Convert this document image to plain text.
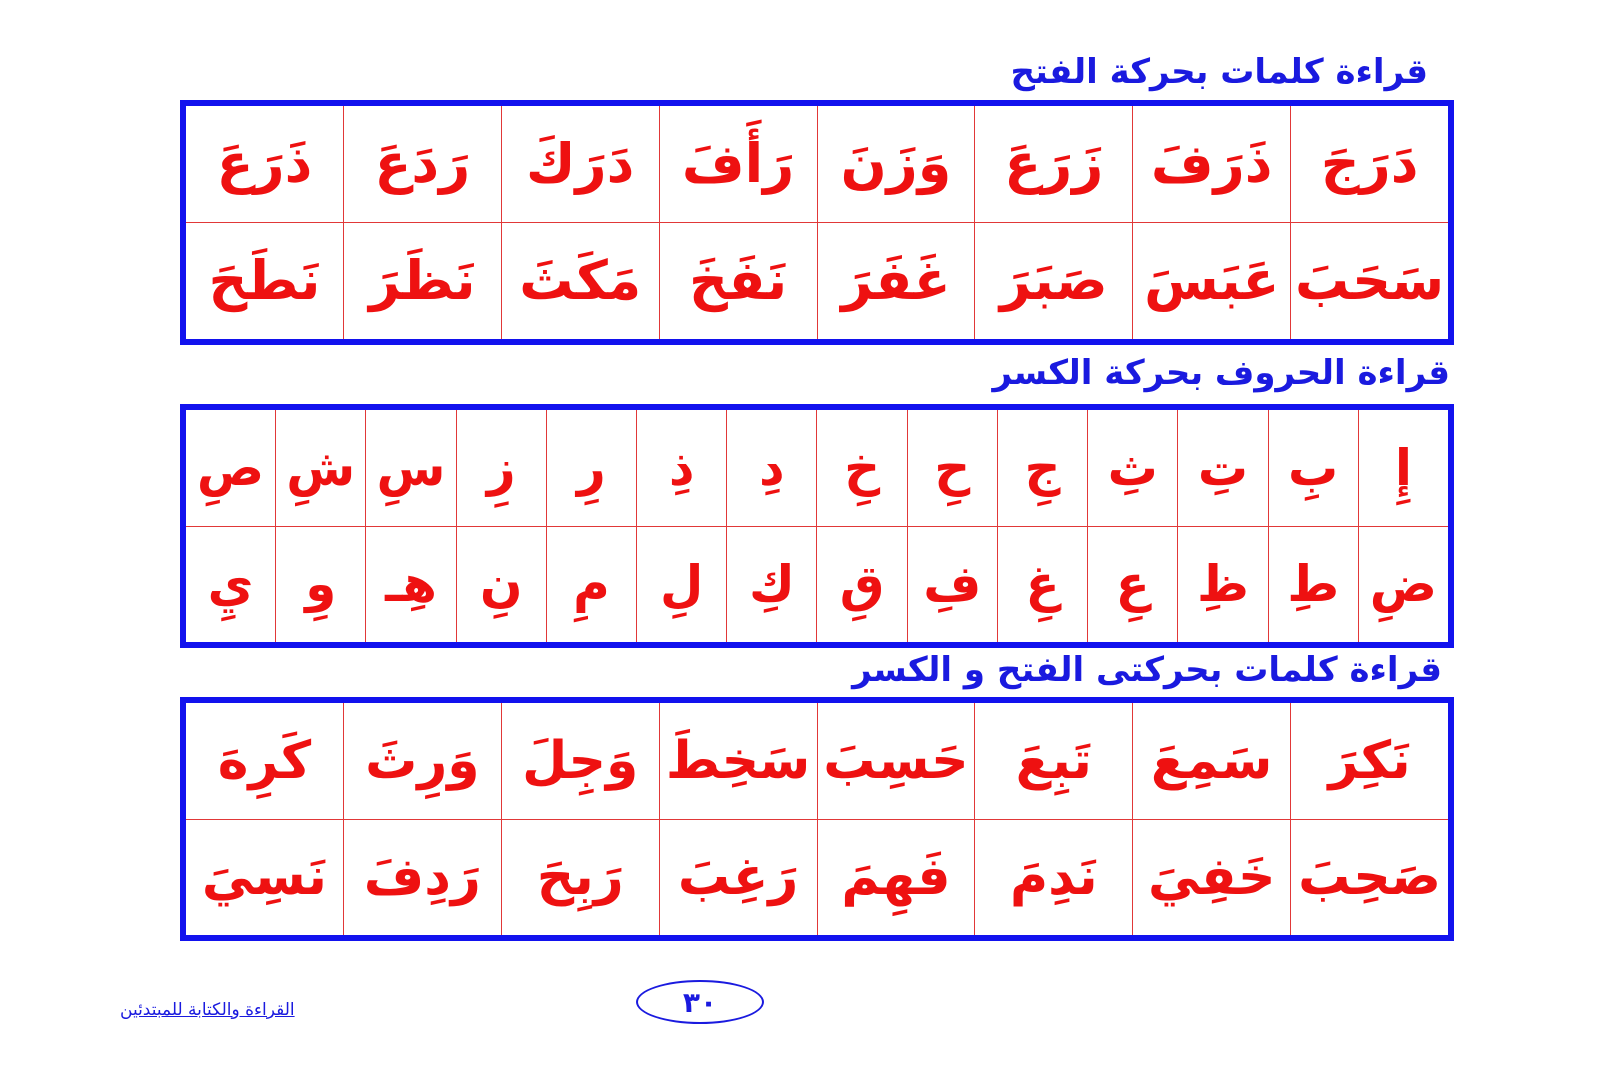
قراءة كلمات بحركة الفتح
دَرَجَ
ذَرَفَ
زَرَعَ
وَزَنَ
رَأَفَ
دَرَكَ
رَدَعَ
ذَرَعَ
سَحَبَ
عَبَسَ
صَبَرَ
غَفَرَ
نَفَخَ
مَكَثَ
نَظَرَ
نَطَحَ
قراءة الحروف بحركة الكسر
إِ
بِ
تِ
ثِ
جِ
حِ
خِ
دِ
ذِ
رِ
زِ
سِ
شِ
صِ
ضِ
طِ
ظِ
عِ
غِ
فِ
قِ
كِ
لِ
مِ
نِ
هِـ
وِ
يِ
قراءة كلمات بحركتى الفتح و الكسر
نَكِرَ
سَمِعَ
تَبِعَ
حَسِبَ
سَخِطَ
وَجِلَ
وَرِثَ
كَرِهَ
صَحِبَ
خَفِيَ
نَدِمَ
فَهِمَ
رَغِبَ
رَبِحَ
رَدِفَ
نَسِيَ
٣٠
القراءة والكتابة للمبتدئين
